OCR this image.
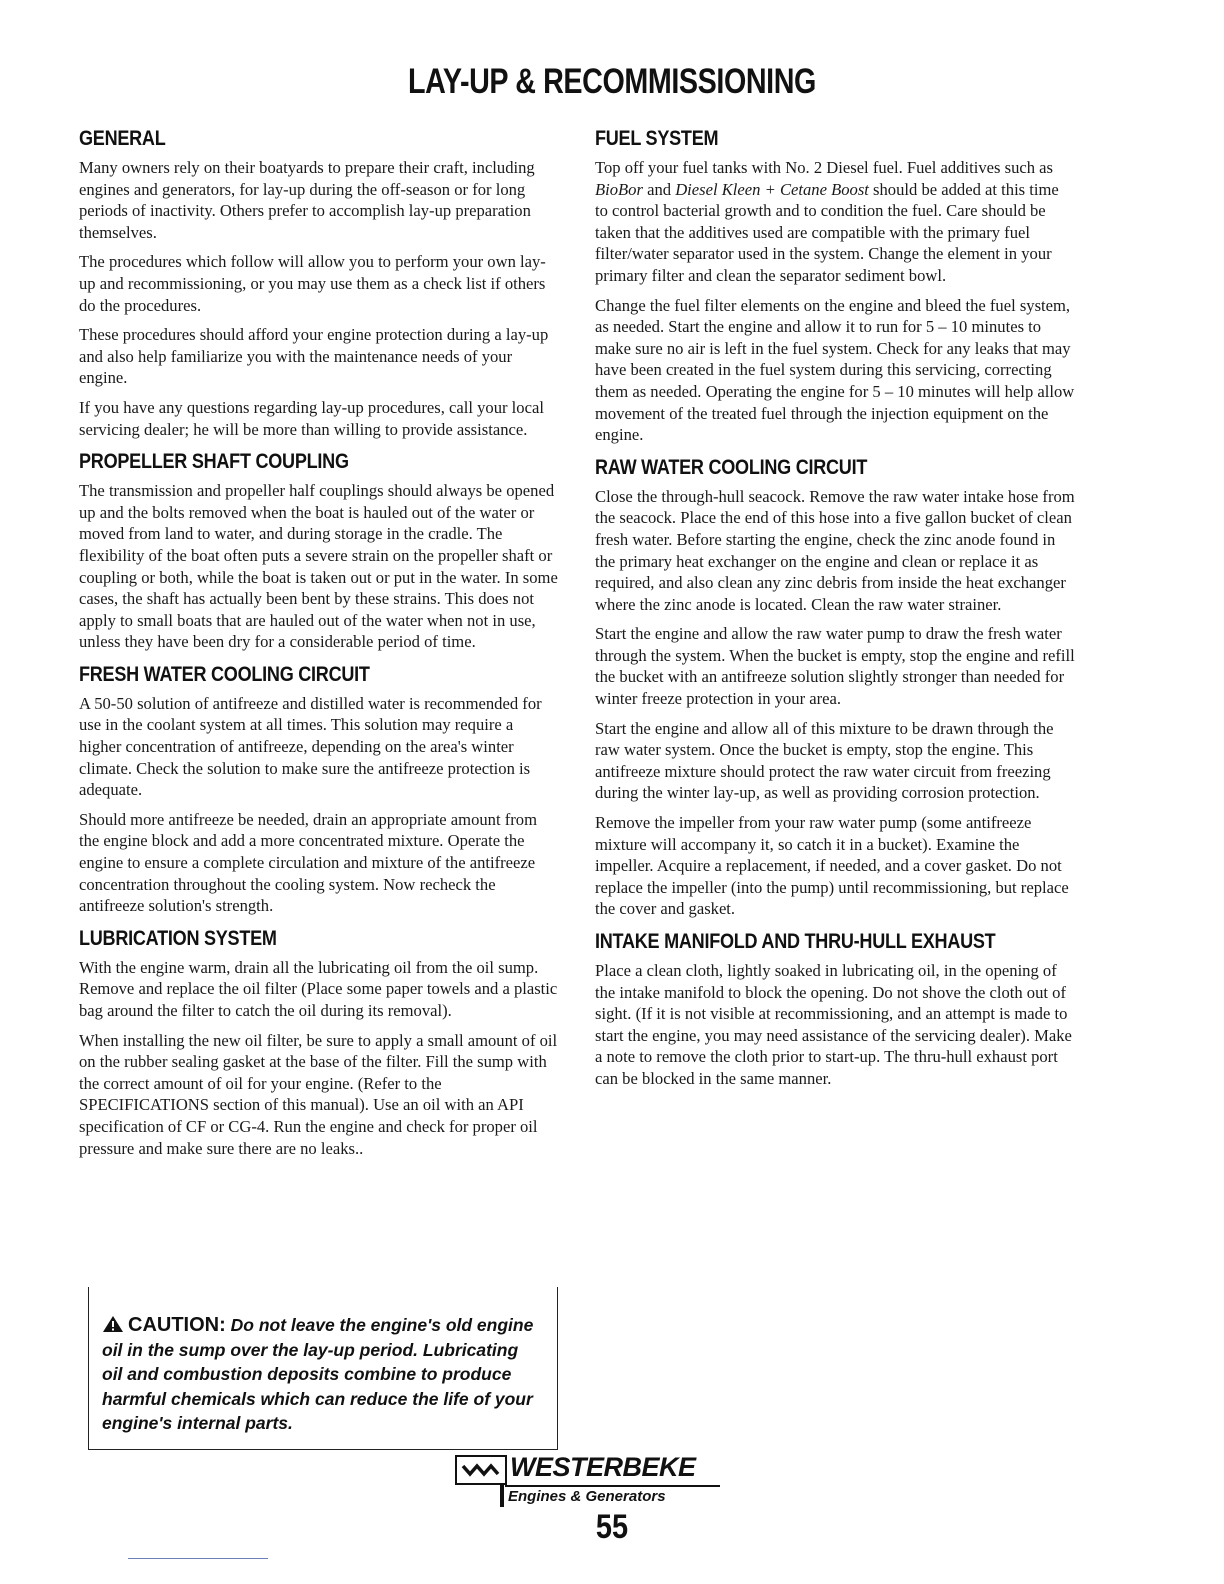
LAY-UP & RECOMMISSIONING
GENERAL

Many owners rely on their boatyards to prepare their craft, including engines and generators, for lay-up during the off-season or for long periods of inactivity. Others prefer to accomplish lay-up preparation themselves.

The procedures which follow will allow you to perform your own lay-up and recommissioning, or you may use them as a check list if others do the procedures.

These procedures should afford your engine protection during a lay-up and also help familiarize you with the maintenance needs of your engine.

If you have any questions regarding lay-up procedures, call your local servicing dealer; he will be more than willing to provide assistance.

PROPELLER SHAFT COUPLING

The transmission and propeller half couplings should always be opened up and the bolts removed when the boat is hauled out of the water or moved from land to water, and during storage in the cradle. The flexibility of the boat often puts a severe strain on the propeller shaft or coupling or both, while the boat is taken out or put in the water. In some cases, the shaft has actually been bent by these strains. This does not apply to small boats that are hauled out of the water when not in use, unless they have been dry for a considerable period of time.

FRESH WATER COOLING CIRCUIT

A 50-50 solution of antifreeze and distilled water is recommended for use in the coolant system at all times. This solution may require a higher concentration of antifreeze, depending on the area's winter climate. Check the solution to make sure the antifreeze protection is adequate.

Should more antifreeze be needed, drain an appropriate amount from the engine block and add a more concentrated mixture. Operate the engine to ensure a complete circulation and mixture of the antifreeze concentration throughout the cooling system. Now recheck the antifreeze solution's strength.

LUBRICATION SYSTEM

With the engine warm, drain all the lubricating oil from the oil sump. Remove and replace the oil filter (Place some paper towels and a plastic bag around the filter to catch the oil during its removal).

When installing the new oil filter, be sure to apply a small amount of oil on the rubber sealing gasket at the base of the filter. Fill the sump with the correct amount of oil for your engine. (Refer to the SPECIFICATIONS section of this manual). Use an oil with an API specification of CF or CG-4. Run the engine and check for proper oil pressure and make sure there are no leaks..

CAUTION: Do not leave the engine's old engine oil in the sump over the lay-up period. Lubricating oil and combustion deposits combine to produce harmful chemicals which can reduce the life of your engine's internal parts.
FUEL SYSTEM

Top off your fuel tanks with No. 2 Diesel fuel. Fuel additives such as BioBor and Diesel Kleen + Cetane Boost should be added at this time to control bacterial growth and to condition the fuel. Care should be taken that the additives used are compatible with the primary fuel filter/water separator used in the system. Change the element in your primary filter and clean the separator sediment bowl.

Change the fuel filter elements on the engine and bleed the fuel system, as needed. Start the engine and allow it to run for 5 – 10 minutes to make sure no air is left in the fuel system. Check for any leaks that may have been created in the fuel system during this servicing, correcting them as needed. Operating the engine for 5 – 10 minutes will help allow movement of the treated fuel through the injection equipment on the engine.

RAW WATER COOLING CIRCUIT

Close the through-hull seacock. Remove the raw water intake hose from the seacock. Place the end of this hose into a five gallon bucket of clean fresh water. Before starting the engine, check the zinc anode found in the primary heat exchanger on the engine and clean or replace it as required, and also clean any zinc debris from inside the heat exchanger where the zinc anode is located. Clean the raw water strainer.

Start the engine and allow the raw water pump to draw the fresh water through the system. When the bucket is empty, stop the engine and refill the bucket with an antifreeze solution slightly stronger than needed for winter freeze protection in your area.

Start the engine and allow all of this mixture to be drawn through the raw water system. Once the bucket is empty, stop the engine. This antifreeze mixture should protect the raw water circuit from freezing during the winter lay-up, as well as providing corrosion protection.

Remove the impeller from your raw water pump (some antifreeze mixture will accompany it, so catch it in a bucket). Examine the impeller. Acquire a replacement, if needed, and a cover gasket. Do not replace the impeller (into the pump) until recommissioning, but replace the cover and gasket.

INTAKE MANIFOLD AND THRU-HULL EXHAUST

Place a clean cloth, lightly soaked in lubricating oil, in the opening of the intake manifold to block the opening. Do not shove the cloth out of sight. (If it is not visible at recommissioning, and an attempt is made to start the engine, you may need assistance of the servicing dealer). Make a note to remove the cloth prior to start-up. The thru-hull exhaust port can be blocked in the same manner.

WESTERBEKE
Engines & Generators
55
